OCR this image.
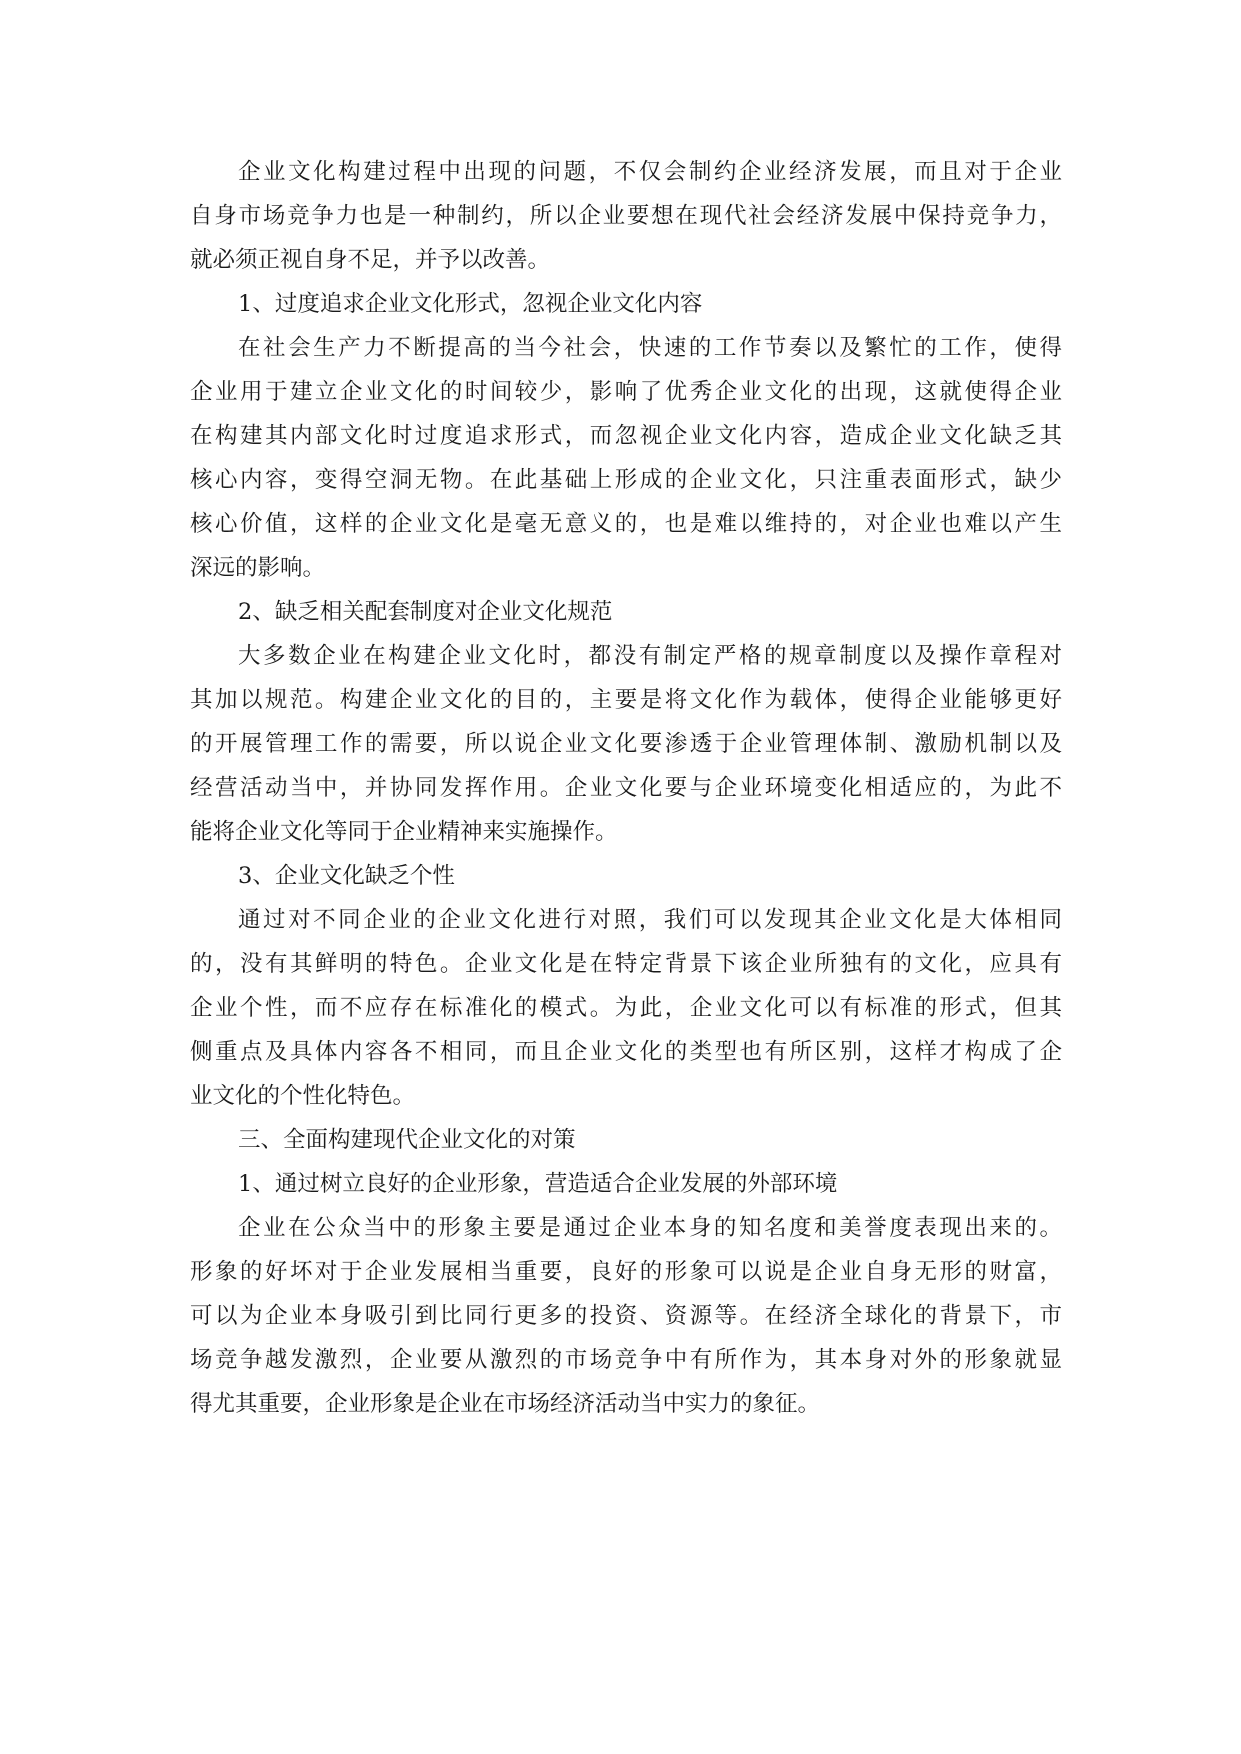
企业文化构建过程中出现的问题，不仅会制约企业经济发展，而且对于企业
自身市场竞争力也是一种制约，所以企业要想在现代社会经济发展中保持竞争力，
就必须正视自身不足，并予以改善。
1、过度追求企业文化形式，忽视企业文化内容
在社会生产力不断提高的当今社会，快速的工作节奏以及繁忙的工作，使得
企业用于建立企业文化的时间较少，影响了优秀企业文化的出现，这就使得企业
在构建其内部文化时过度追求形式，而忽视企业文化内容，造成企业文化缺乏其
核心内容，变得空洞无物。在此基础上形成的企业文化，只注重表面形式，缺少
核心价值，这样的企业文化是毫无意义的，也是难以维持的，对企业也难以产生
深远的影响。
2、缺乏相关配套制度对企业文化规范
大多数企业在构建企业文化时，都没有制定严格的规章制度以及操作章程对
其加以规范。构建企业文化的目的，主要是将文化作为载体，使得企业能够更好
的开展管理工作的需要，所以说企业文化要渗透于企业管理体制、激励机制以及
经营活动当中，并协同发挥作用。企业文化要与企业环境变化相适应的，为此不
能将企业文化等同于企业精神来实施操作。
3、企业文化缺乏个性
通过对不同企业的企业文化进行对照，我们可以发现其企业文化是大体相同
的，没有其鲜明的特色。企业文化是在特定背景下该企业所独有的文化，应具有
企业个性，而不应存在标准化的模式。为此，企业文化可以有标准的形式，但其
侧重点及具体内容各不相同，而且企业文化的类型也有所区别，这样才构成了企
业文化的个性化特色。
三、全面构建现代企业文化的对策
1、通过树立良好的企业形象，营造适合企业发展的外部环境
企业在公众当中的形象主要是通过企业本身的知名度和美誉度表现出来的。
形象的好坏对于企业发展相当重要，良好的形象可以说是企业自身无形的财富，
可以为企业本身吸引到比同行更多的投资、资源等。在经济全球化的背景下，市
场竞争越发激烈，企业要从激烈的市场竞争中有所作为，其本身对外的形象就显
得尤其重要，企业形象是企业在市场经济活动当中实力的象征。
